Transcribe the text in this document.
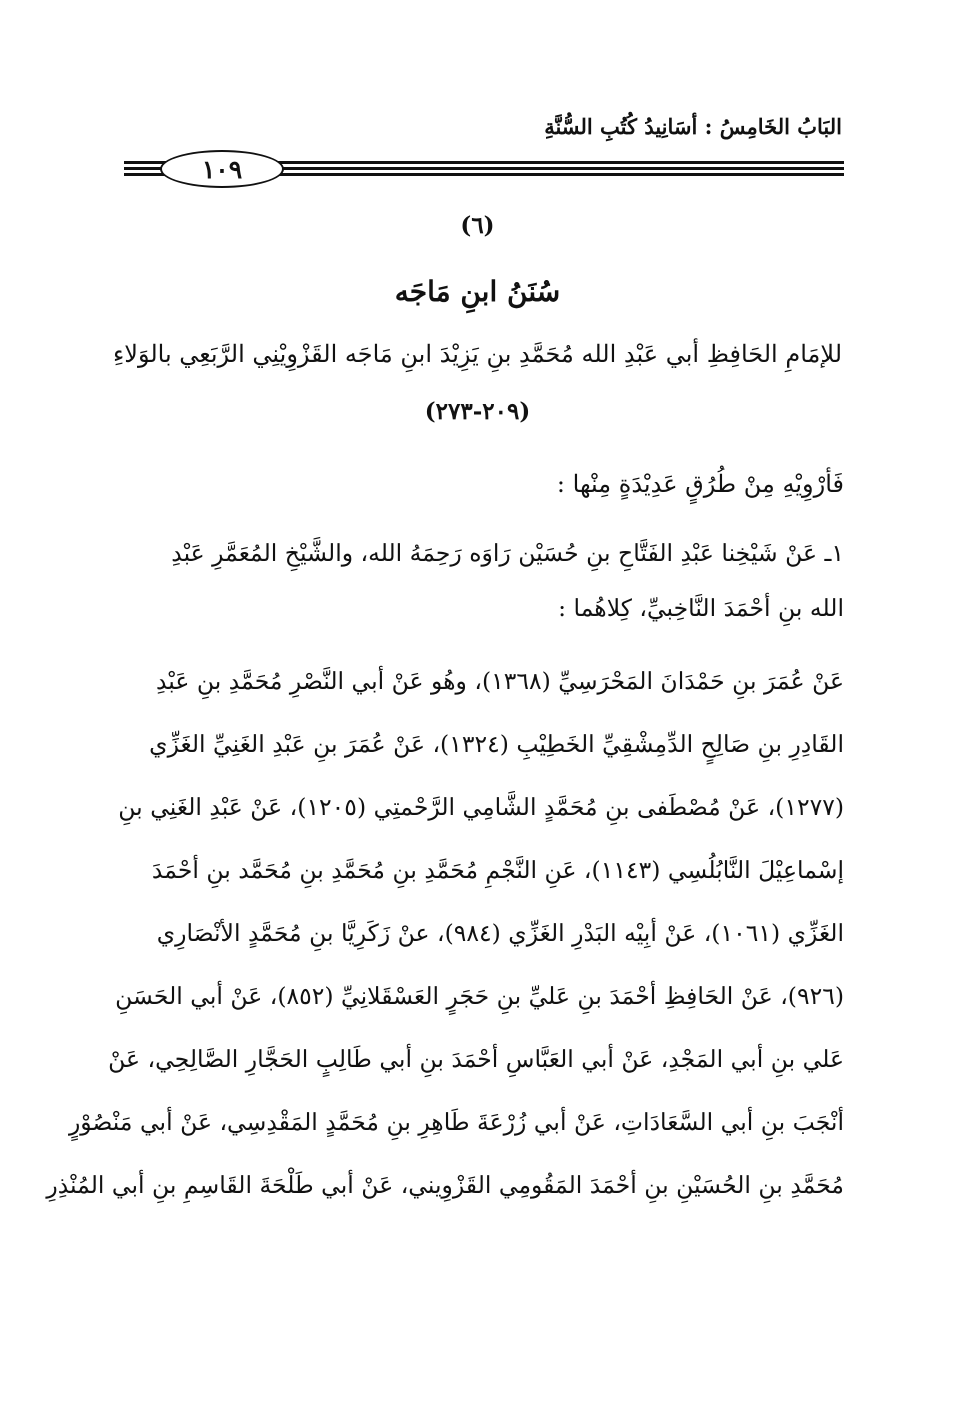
البَابُ الخَامِسُ : أسَانِيدُ كُتُبِ السُّنَّةِ
١٠٩
(٦)
سُنَنُ ابنِ مَاجَه
للإمَامِ الحَافِظِ أبي عَبْدِ الله مُحَمَّدِ بنِ يَزِيْدَ ابنِ مَاجَه القَزْوِيْنِي الرَّبَعِي بالوَلاءِ
(٢٠٩-٢٧٣)
فَأرْوِيْهِ مِنْ طُرُقٍ عَدِيْدَةٍ مِنْها :
١ـ عَنْ شَيْخِنا عَبْدِ الفَتَّاحِ بنِ حُسَيْن رَاوَه رَحِمَهُ الله، والشَّيْخِ المُعَمَّرِ عَبْدِ
الله بنِ أحْمَدَ النَّاخِبيِّ، كِلاهُما :
عَنْ عُمَرَ بنِ حَمْدَانَ المَحْرَسِيِّ (١٣٦٨)، وهُو عَنْ أبي النَّصْرِ مُحَمَّدِ بنِ عَبْدِ
القَادِرِ بنِ صَالِحٍ الدِّمِشْقِيِّ الخَطِيْبِ (١٣٢٤)، عَنْ عُمَرَ بنِ عَبْدِ الغَنِيِّ الغَزِّي
(١٢٧٧)، عَنْ مُصْطَفى بنِ مُحَمَّدٍ الشَّامِي الرَّحْمتِي (١٢٠٥)، عَنْ عَبْدِ الغَنِي بنِ
إسْماعِيْلَ النَّابُلُسِي (١١٤٣)، عَنِ النَّجْمِ مُحَمَّدِ بنِ مُحَمَّدِ بنِ مُحَمَّد بنِ أحْمَدَ
الغَزِّي (١٠٦١)، عَنْ أبِيْه البَدْرِ الغَزِّي (٩٨٤)، عنْ زَكَرِيَّا بنِ مُحَمَّدٍ الأنْصَارِي
(٩٢٦)، عَنْ الحَافِظِ أحْمَدَ بنِ عَليِّ بنِ حَجَرٍ العَسْقَلانِيِّ (٨٥٢)، عَنْ أبي الحَسَنِ
عَلي بنِ أبي المَجْدِ، عَنْ أبي العَبَّاسِ أحْمَدَ بنِ أبي طَالِبٍ الحَجَّارِ الصَّالِحِي، عَنْ
أنْجَبَ بنِ أبي السَّعَادَاتِ، عَنْ أبي زُرْعَةَ طَاهِرِ بنِ مُحَمَّدٍ المَقْدِسِي، عَنْ أبي مَنْصُوْرٍ
مُحَمَّدِ بنِ الحُسَيْنِ بنِ أحْمَدَ المَقُومِي القَزْوِيني، عَنْ أبي طَلْحَةَ القَاسِمِ بنِ أبي المُنْذِرِ
